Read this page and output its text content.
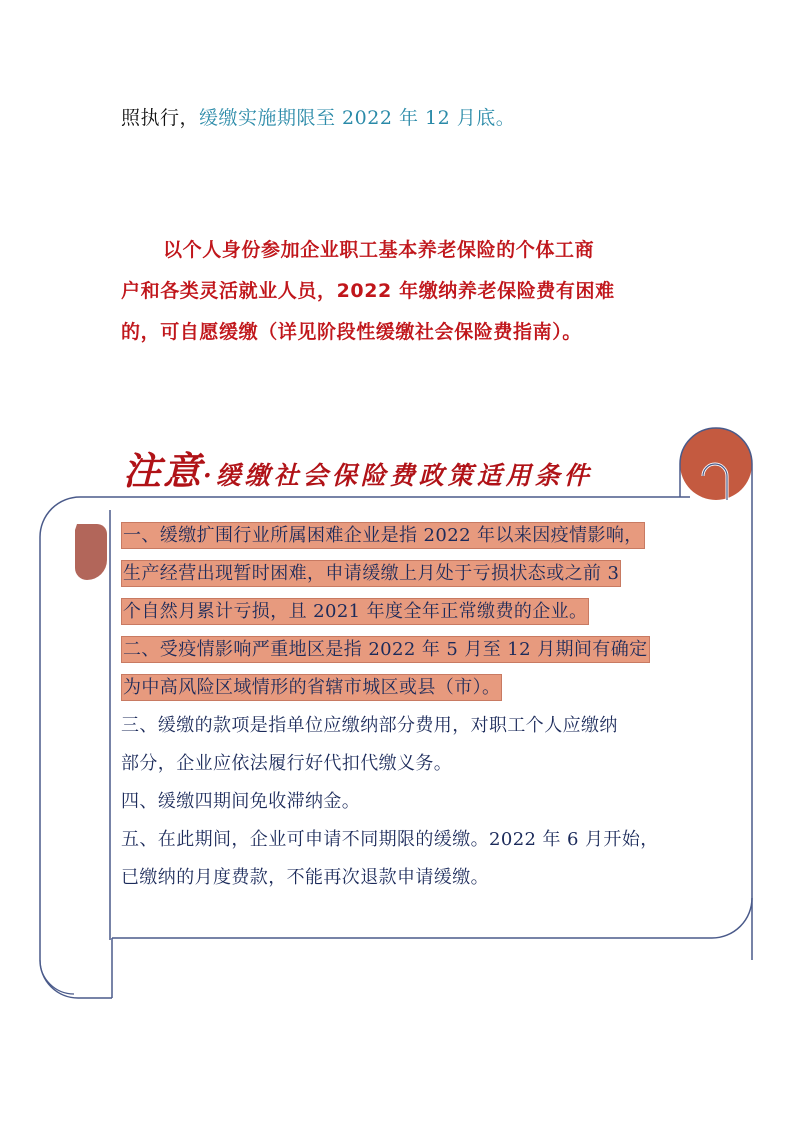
照执行，缓缴实施期限至 2022 年 12 月底。

以个人身份参加企业职工基本养老保险的个体工商

户和各类灵活就业人员，2022 年缴纳养老保险费有困难

的，可自愿缓缴（详见阶段性缓缴社会保险费指南）。

注意·缓缴社会保险费政策适用条件
一、缓缴扩围行业所属困难企业是指 2022 年以来因疫情影响，
生产经营出现暂时困难，申请缓缴上月处于亏损状态或之前 3
个自然月累计亏损，且 2021 年度全年正常缴费的企业。
二、受疫情影响严重地区是指 2022 年 5 月至 12 月期间有确定
为中高风险区域情形的省辖市城区或县（市）。
三、缓缴的款项是指单位应缴纳部分费用，对职工个人应缴纳
部分，企业应依法履行好代扣代缴义务。
四、缓缴四期间免收滞纳金。
五、在此期间，企业可申请不同期限的缓缴。2022 年 6 月开始，
已缴纳的月度费款，不能再次退款申请缓缴。
